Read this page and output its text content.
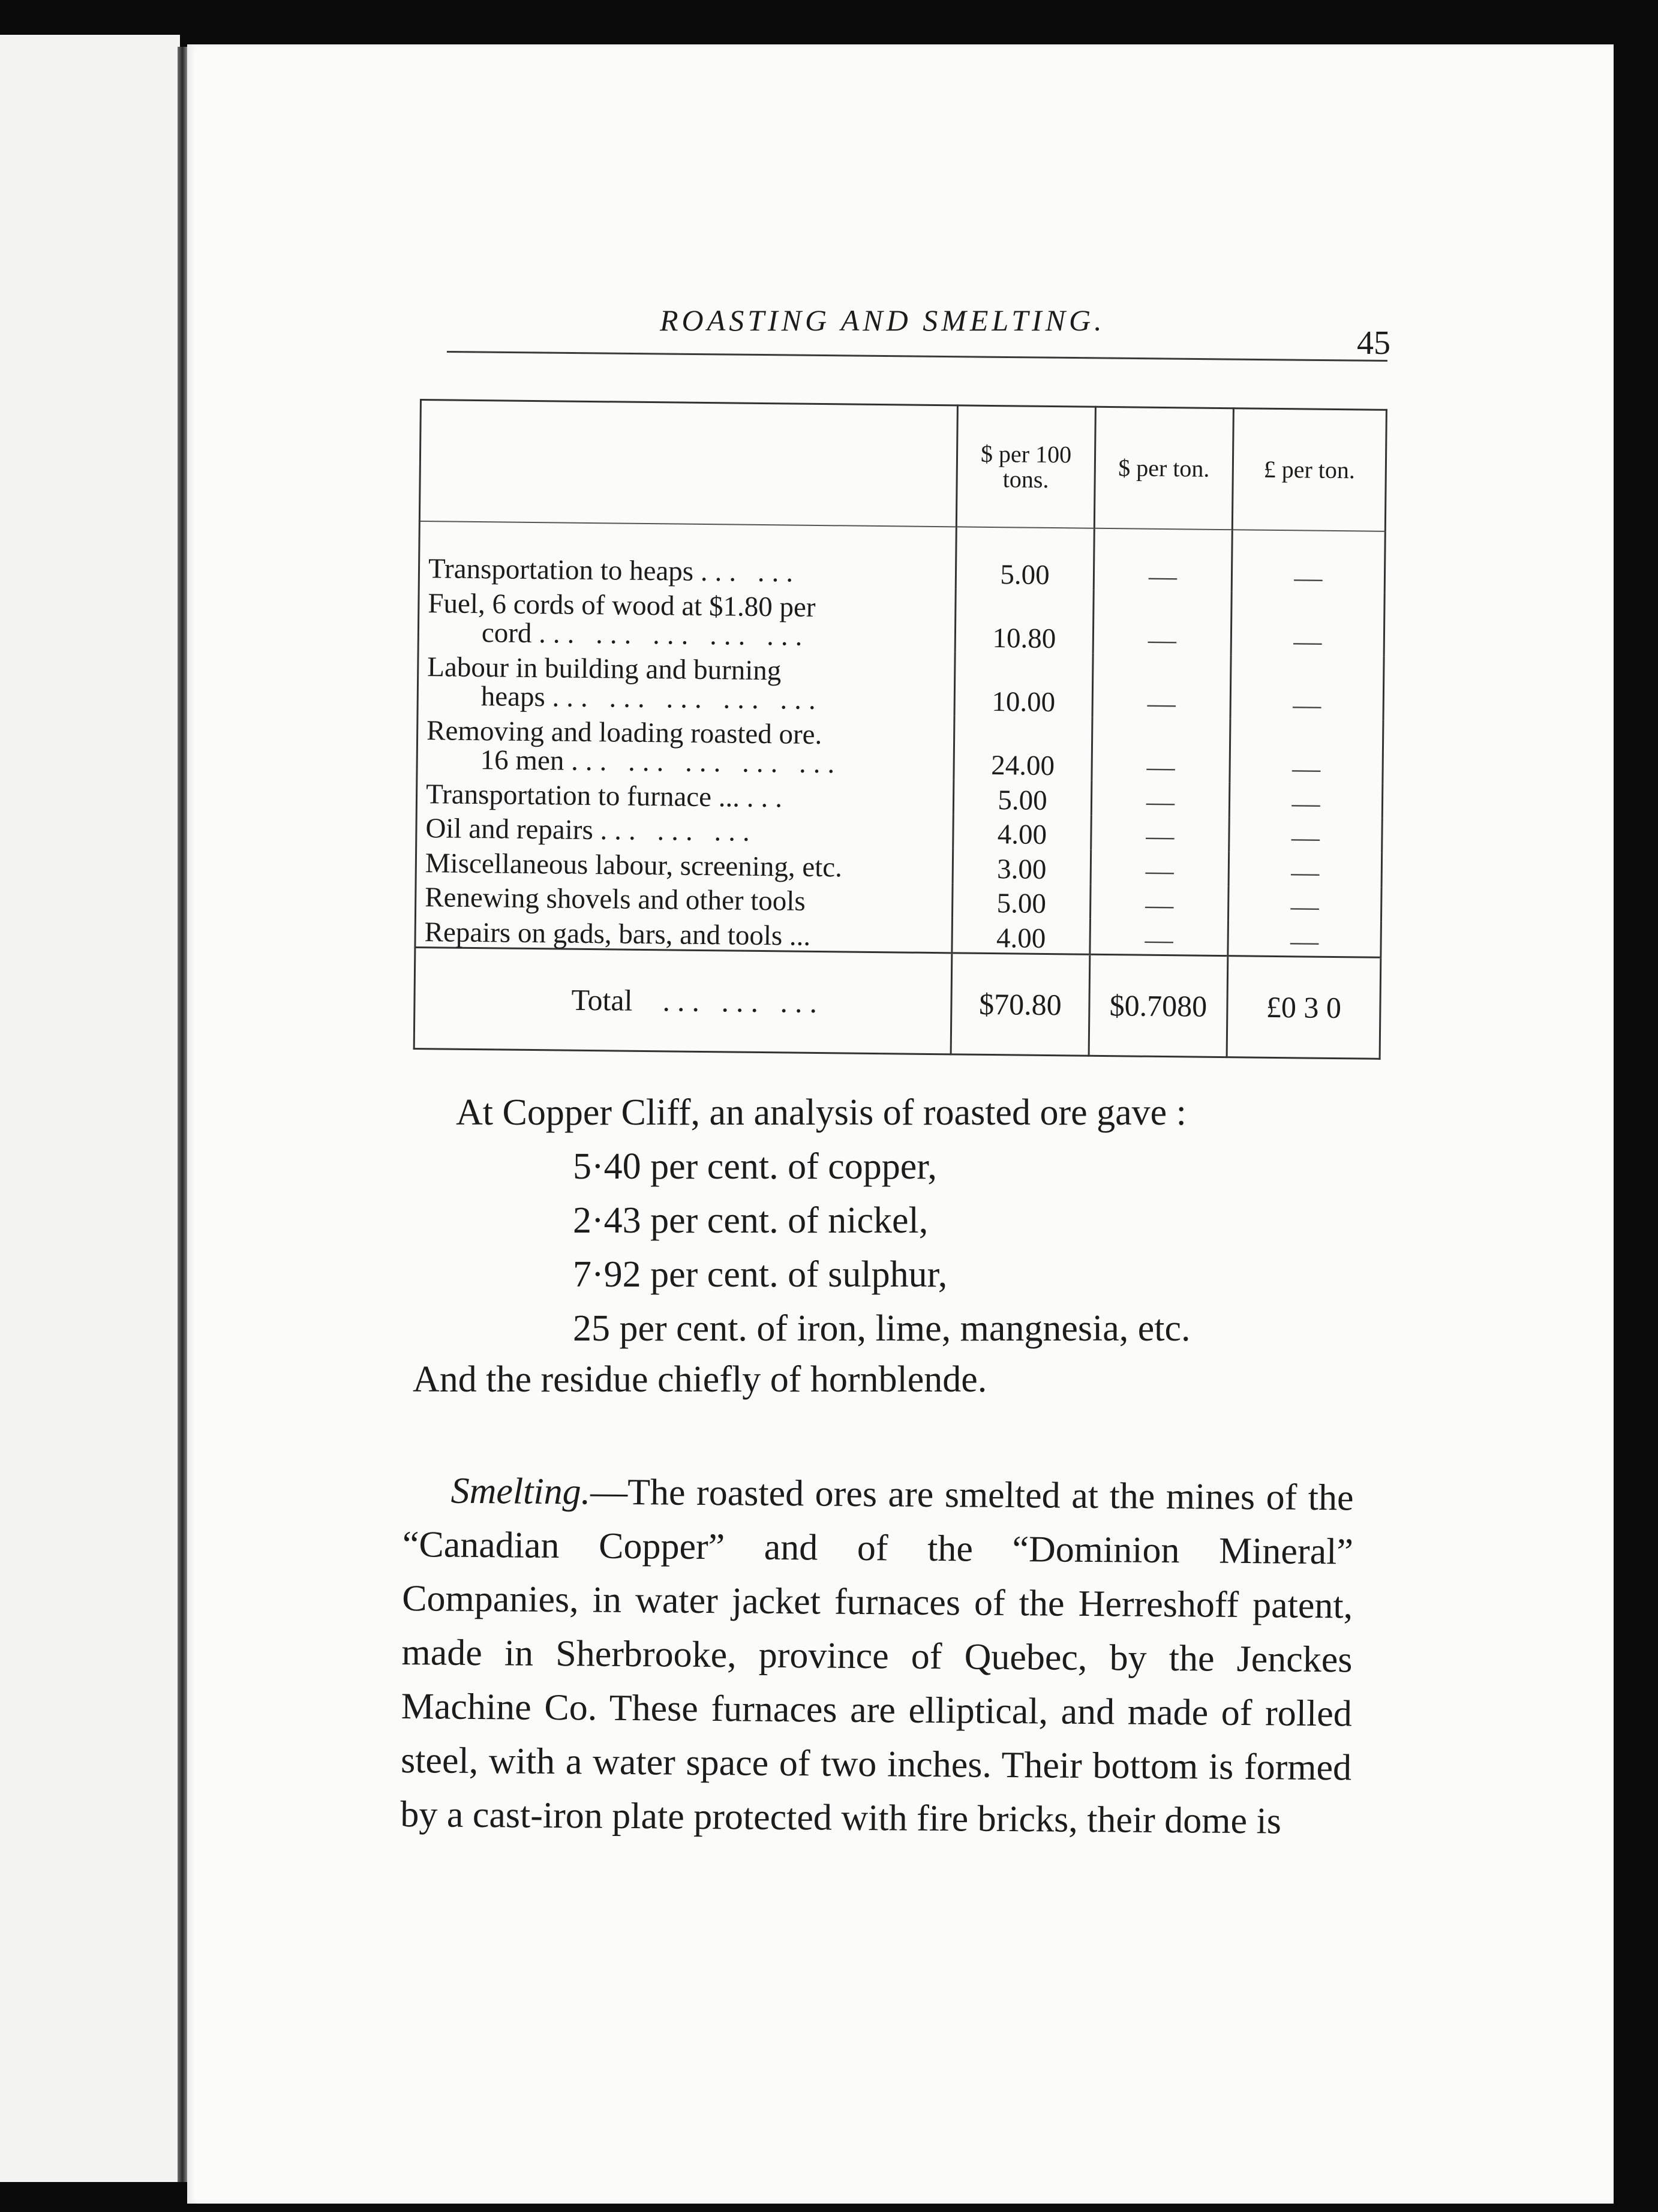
ROASTING AND SMELTING.
45
	$ per 100 tons.	$ per ton.	£ per ton.
Transportation to heaps ... ...	5.00	—	—
Fuel, 6 cords of wood at $1.80 per
cord ... ... ... ... ...	10.80	—	—
Labour in building and burning
heaps ... ... ... ... ...	10.00	—	—
Removing and loading roasted ore.
16 men ... ... ... ... ...	24.00	—	—
Transportation to furnace ... ...	5.00	—	—
Oil and repairs ... ... ...	4.00	—	—
Miscellaneous labour, screening, etc.	3.00	—	—
Renewing shovels and other tools	5.00	—	—
Repairs on gads, bars, and tools ...	4.00	—	—
Total ... ... ...	$70.80	$0.7080	£0 3 0
At Copper Cliff, an analysis of roasted ore gave :
5·40 per cent. of copper,
2·43 per cent. of nickel,
7·92 per cent. of sulphur,
25 per cent. of iron, lime, mangnesia, etc.
And the residue chiefly of hornblende.
Smelting.—The roasted ores are smelted at the mines of the “Canadian Copper” and of the “Dominion Mineral” Companies, in water jacket furnaces of the Herreshoff patent, made in Sherbrooke, province of Quebec, by the Jenckes Machine Co. These furnaces are elliptical, and made of rolled steel, with a water space of two inches. Their bottom is formed by a cast-iron plate protected with fire bricks, their dome is
